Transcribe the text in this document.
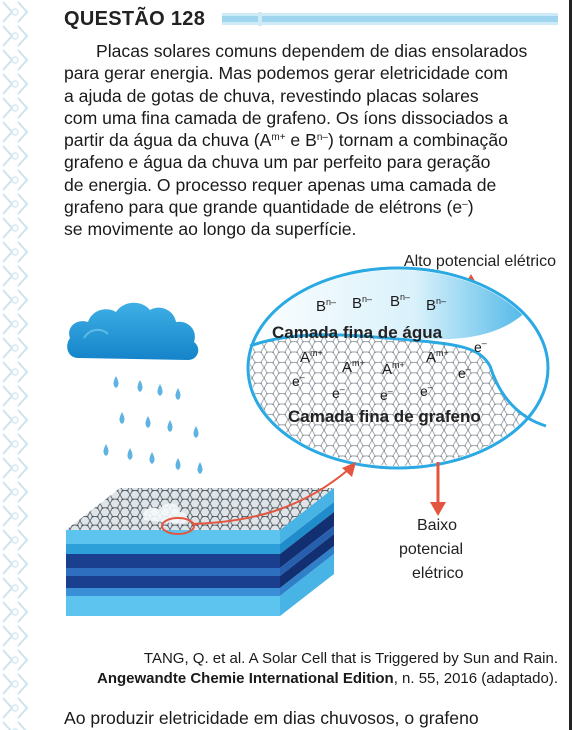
QUESTÃO 128
Placas solares comuns dependem de dias ensolarados
para gerar energia. Mas podemos gerar eletricidade com
a ajuda de gotas de chuva, revestindo placas solares
com uma fina camada de grafeno. Os íons dissociados a
partir da água da chuva ($A^{m+}$ e $B^{n-}$) tornam a combinação
grafeno e água da chuva um par perfeito para geração
de energia. O processo requer apenas uma camada de
grafeno para que grande quantidade de elétrons (e–)
se movimente ao longo da superfície.
Alto potencial elétrico
$B^{n-}$ $B^{n-}$ $B^{n-}$ $B^{n-}$
Camada fina de água
$A^{m+}$
$A^{m+}$ $A^{m+}$ $A^{m+}$
e–
e–	e– e–
e–
e–
Camada fina de grafeno
Baixo
potencial
elétrico
TANG, Q. et al. A Solar Cell that is Triggered by Sun and Rain.
Angewandte Chemie International Edition, n. 55, 2016 (adaptado).
Ao produzir eletricidade em dias chuvosos, o grafeno
